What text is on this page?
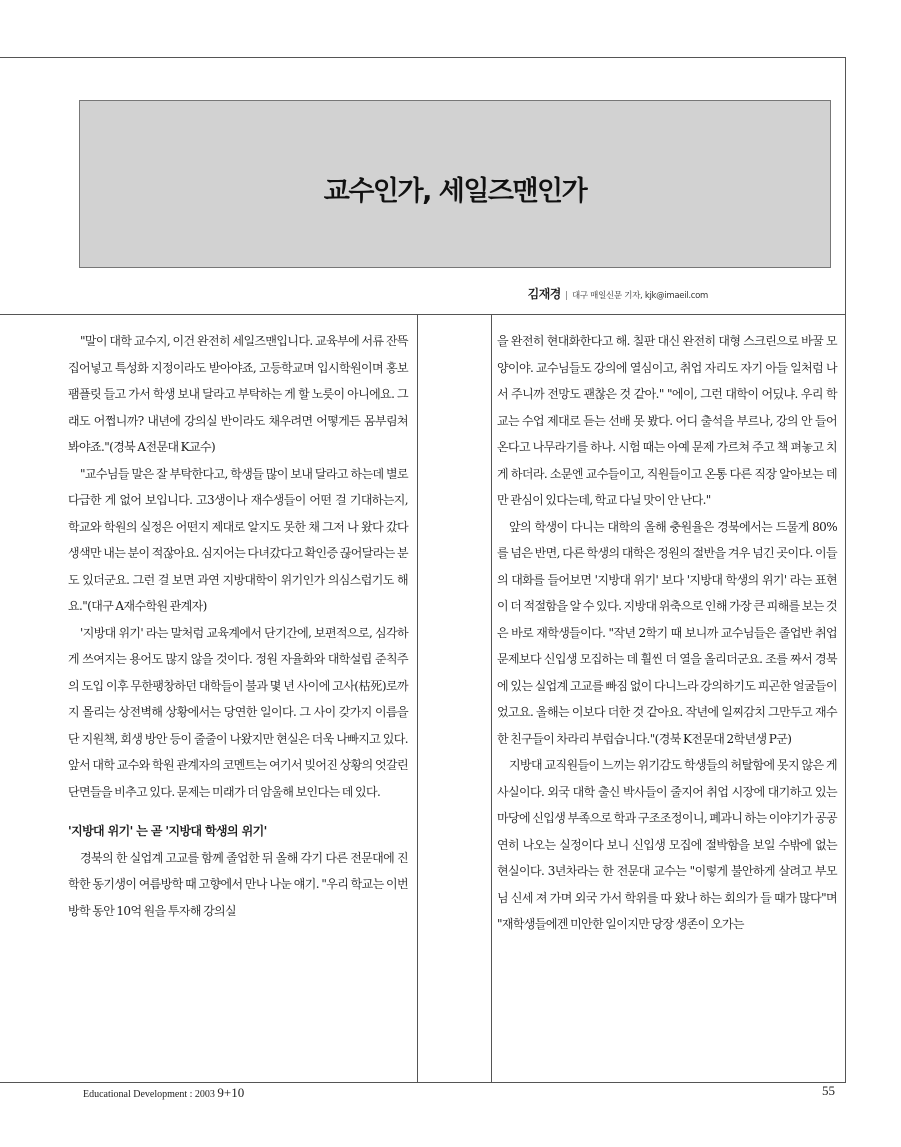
교수인가, 세일즈맨인가
김재경 | 대구 매일신문 기자, kjk@imaeil.com

"말이 대학 교수지, 이건 완전히 세일즈맨입니다. 교육부에 서류 잔뜩 집어넣고 특성화 지정이라도 받아야죠, 고등학교며 입시학원이며 홍보 팸플릿 들고 가서 학생 보내 달라고 부탁하는 게 할 노릇이 아니에요. 그래도 어쩝니까? 내년에 강의실 반이라도 채우려면 어떻게든 몸부림쳐 봐야죠."(경북 A전문대 K교수)

"교수님들 말은 잘 부탁한다고, 학생들 많이 보내 달라고 하는데 별로 다급한 게 없어 보입니다. 고3생이나 재수생들이 어떤 걸 기대하는지, 학교와 학원의 실정은 어떤지 제대로 알지도 못한 채 그저 나 왔다 갔다 생색만 내는 분이 적잖아요. 심지어는 다녀갔다고 확인증 끊어달라는 분도 있더군요. 그런 걸 보면 과연 지방대학이 위기인가 의심스럽기도 해요."(대구 A재수학원 관계자)

'지방대 위기' 라는 말처럼 교육계에서 단기간에, 보편적으로, 심각하게 쓰여지는 용어도 많지 않을 것이다. 정원 자율화와 대학설립 준칙주의 도입 이후 무한팽창하던 대학들이 불과 몇 년 사이에 고사(枯死)로까지 몰리는 상전벽해 상황에서는 당연한 일이다. 그 사이 갖가지 이름을 단 지원책, 회생 방안 등이 줄줄이 나왔지만 현실은 더욱 나빠지고 있다. 앞서 대학 교수와 학원 관계자의 코멘트는 여기서 빚어진 상황의 엇갈린 단면들을 비추고 있다. 문제는 미래가 더 암울해 보인다는 데 있다.

'지방대 위기' 는 곧 '지방대 학생의 위기'

경북의 한 실업계 고교를 함께 졸업한 뒤 올해 각기 다른 전문대에 진학한 동기생이 여름방학 때 고향에서 만나 나눈 얘기. "우리 학교는 이번 방학 동안 10억 원을 투자해 강의실

을 완전히 현대화한다고 해. 칠판 대신 완전히 대형 스크린으로 바꿀 모양이야. 교수님들도 강의에 열심이고, 취업 자리도 자기 아들 일처럼 나서 주니까 전망도 괜찮은 것 같아." "에이, 그런 대학이 어딨냐. 우리 학교는 수업 제대로 듣는 선배 못 봤다. 어디 출석을 부르나, 강의 안 들어온다고 나무라기를 하나. 시험 때는 아예 문제 가르쳐 주고 책 펴놓고 치게 하더라. 소문엔 교수들이고, 직원들이고 온통 다른 직장 알아보는 데만 관심이 있다는데, 학교 다닐 맛이 안 난다."

앞의 학생이 다니는 대학의 올해 충원율은 경북에서는 드물게 80%를 넘은 반면, 다른 학생의 대학은 정원의 절반을 겨우 넘긴 곳이다. 이들의 대화를 들어보면 '지방대 위기' 보다 '지방대 학생의 위기' 라는 표현이 더 적절함을 알 수 있다. 지방대 위축으로 인해 가장 큰 피해를 보는 것은 바로 재학생들이다. "작년 2학기 때 보니까 교수님들은 졸업반 취업 문제보다 신입생 모집하는 데 훨씬 더 열을 올리더군요. 조를 짜서 경북에 있는 실업계 고교를 빠짐 없이 다니느라 강의하기도 피곤한 얼굴들이었고요. 올해는 이보다 더한 것 같아요. 작년에 일찌감치 그만두고 재수한 친구들이 차라리 부럽습니다."(경북 K전문대 2학년생 P군)

지방대 교직원들이 느끼는 위기감도 학생들의 허탈함에 못지 않은 게 사실이다. 외국 대학 출신 박사들이 줄지어 취업 시장에 대기하고 있는 마당에 신입생 부족으로 학과 구조조정이니, 폐과니 하는 이야기가 공공연히 나오는 실정이다 보니 신입생 모집에 절박함을 보일 수밖에 없는 현실이다. 3년차라는 한 전문대 교수는 "이렇게 불안하게 살려고 부모님 신세 져 가며 외국 가서 학위를 따 왔나 하는 회의가 들 때가 많다"며 "재학생들에겐 미안한 일이지만 당장 생존이 오가는

Educational Development : 2003 9+10	55
